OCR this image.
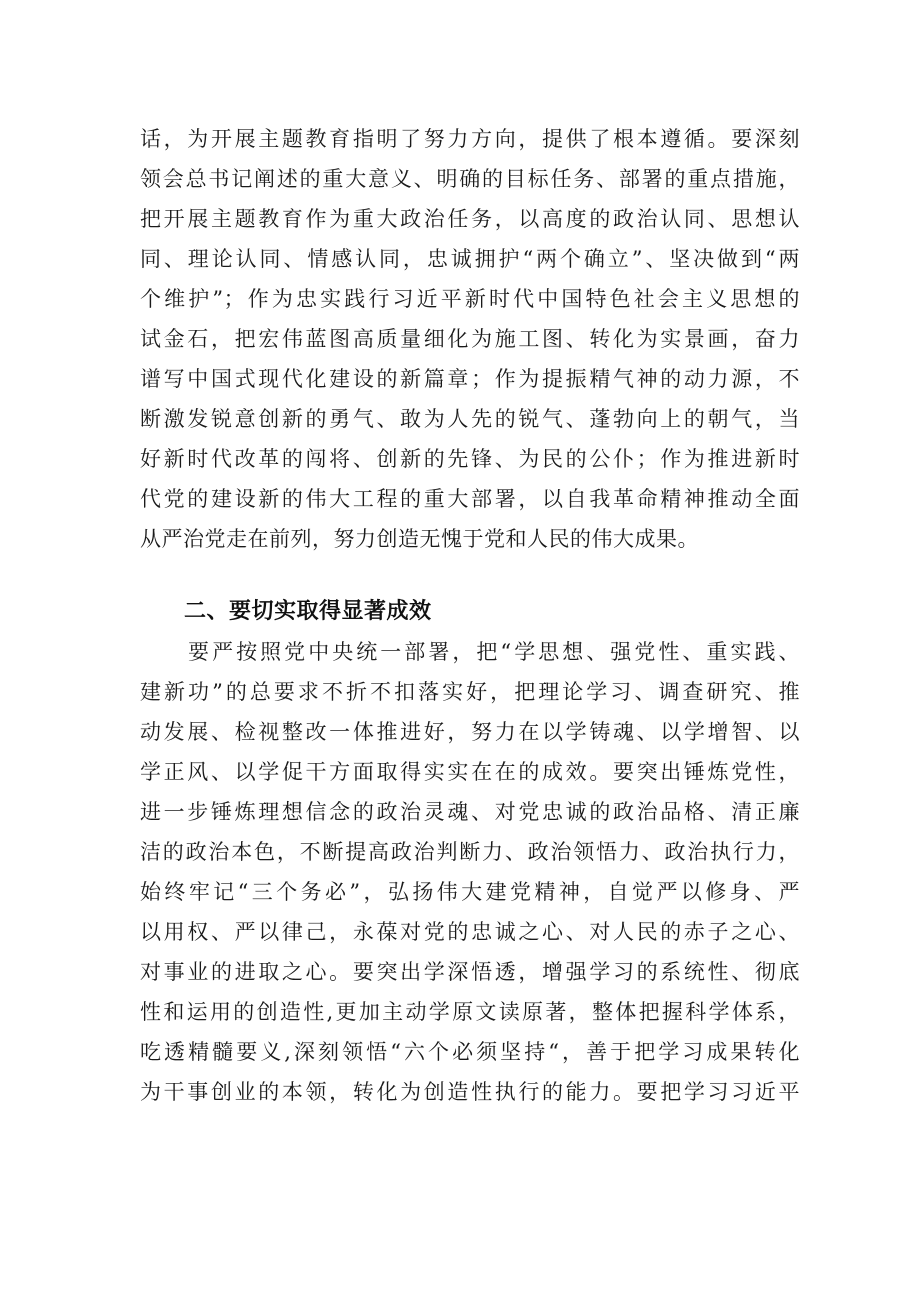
话，为开展主题教育指明了努力方向，提供了根本遵循。要深刻
领会总书记阐述的重大意义、明确的目标任务、部署的重点措施，
把开展主题教育作为重大政治任务，以高度的政治认同、思想认
同、理论认同、情感认同，忠诚拥护“两个确立”、坚决做到“两
个维护”；作为忠实践行习近平新时代中国特色社会主义思想的
试金石，把宏伟蓝图高质量细化为施工图、转化为实景画，奋力
谱写中国式现代化建设的新篇章；作为提振精气神的动力源，不
断激发锐意创新的勇气、敢为人先的锐气、蓬勃向上的朝气，当
好新时代改革的闯将、创新的先锋、为民的公仆；作为推进新时
代党的建设新的伟大工程的重大部署，以自我革命精神推动全面
从严治党走在前列，努力创造无愧于党和人民的伟大成果。
二、要切实取得显著成效
　　要严按照党中央统一部署，把“学思想、强党性、重实践、
建新功”的总要求不折不扣落实好，把理论学习、调查研究、推
动发展、检视整改一体推进好，努力在以学铸魂、以学增智、以
学正风、以学促干方面取得实实在在的成效。要突出锤炼党性，
进一步锤炼理想信念的政治灵魂、对党忠诚的政治品格、清正廉
洁的政治本色，不断提高政治判断力、政治领悟力、政治执行力，
始终牢记“三个务必”，弘扬伟大建党精神，自觉严以修身、严
以用权、严以律己，永葆对党的忠诚之心、对人民的赤子之心、
对事业的进取之心。要突出学深悟透，增强学习的系统性、彻底
性和运用的创造性,更加主动学原文读原著，整体把握科学体系，
吃透精髓要义,深刻领悟“六个必须坚持“，善于把学习成果转化
为干事创业的本领，转化为创造性执行的能力。要把学习习近平
